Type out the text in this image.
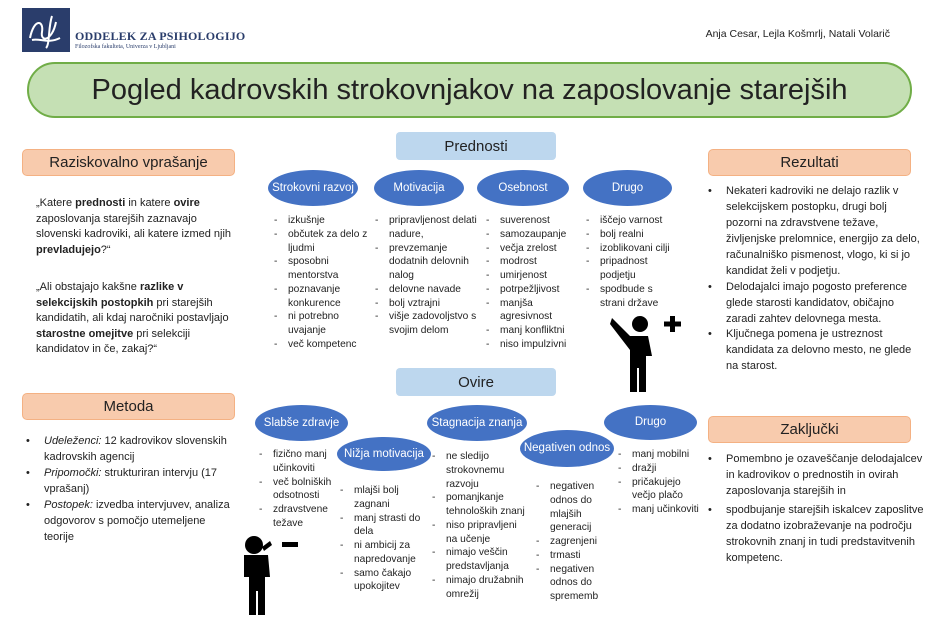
ODDELEK ZA PSIHOLOGIJO
Filozofska fakulteta, Univerza v Ljubljani
Anja Cesar, Lejla Košmrlj, Natali Volarič
Pogled kadrovskih strokovnjakov na zaposlovanje starejših
Raziskovalno vprašanje
„Katere prednosti in katere ovire zaposlovanja starejših zaznavajo slovenski kadroviki, ali katere izmed njih prevladujejo?“
„Ali obstajajo kakšne razlike v selekcijskih postopkih pri starejših kandidatih, ali kdaj naročniki postavljajo starostne omejitve pri selekciji kandidatov in če, zakaj?“
Metoda
• Udeleženci: 12 kadrovikov slovenskih kadrovskih agencij
• Pripomočki: strukturiran intervju (17 vprašanj)
• Postopek: izvedba intervjuvev, analiza odgovorov s pomočjo utemeljene teorije
Prednosti
Strokovni razvoj	Motivacija	Osebnost	Drugo
- izkušnje
- občutek za delo z ljudmi
- sposobni mentorstva
- poznavanje konkurence
- ni potrebno uvajanje
- več kompetenc
- pripravljenost delati nadure,
- prevzemanje dodatnih delovnih nalog
- delovne navade
- bolj vztrajni
- višje zadovoljstvo s svojim delom
- suverenost
- samozaupanje
- večja zrelost
- modrost
- umirjenost
- potrpežljivost
- manjša agresivnost
- manj konfliktni
- niso impulzivni
- iščejo varnost
- bolj realni
- izoblikovani cilji
- pripadnost podjetju
- spodbude s strani države
Ovire
Slabše zdravje
Nižja motivacija
Stagnacija znanja
Negativen odnos
Drugo
- fizično manj učinkoviti
- več bolniških odsotnosti
- zdravstvene težave
- mlajši bolj zagnani
- manj strasti do dela
- ni ambicij za napredovanje
- samo čakajo upokojitev
- ne sledijo strokovnemu razvoju
- pomanjkanje tehnoloških znanj
- niso pripravljeni na učenje
- nimajo veščin predstavljanja
- nimajo družabnih omrežij
- negativen odnos do mlajših generacij
- zagrenjeni
- trmasti
- negativen odnos do sprememb
- manj mobilni
- dražji
- pričakujejo večjo plačo
- manj učinkoviti
Rezultati
• Nekateri kadroviki ne delajo razlik v selekcijskem postopku, drugi bolj pozorni na zdravstvene težave, življenjske prelomnice, energijo za delo, računalniško pismenost, vlogo, ki si jo kandidat želi v podjetju.
• Delodajalci imajo pogosto preference glede starosti kandidatov, običajno zaradi zahtev delovnega mesta.
• Ključnega pomena je ustreznost kandidata za delovno mesto, ne glede na starost.
Zaključki
• Pomembno je ozaveščanje delodajalcev in kadrovikov o prednostih in ovirah zaposlovanja starejših in
• spodbujanje starejših iskalcev zaposlitve za dodatno izobraževanje na področju strokovnih znanj in tudi predstavitvenih kompetenc.
